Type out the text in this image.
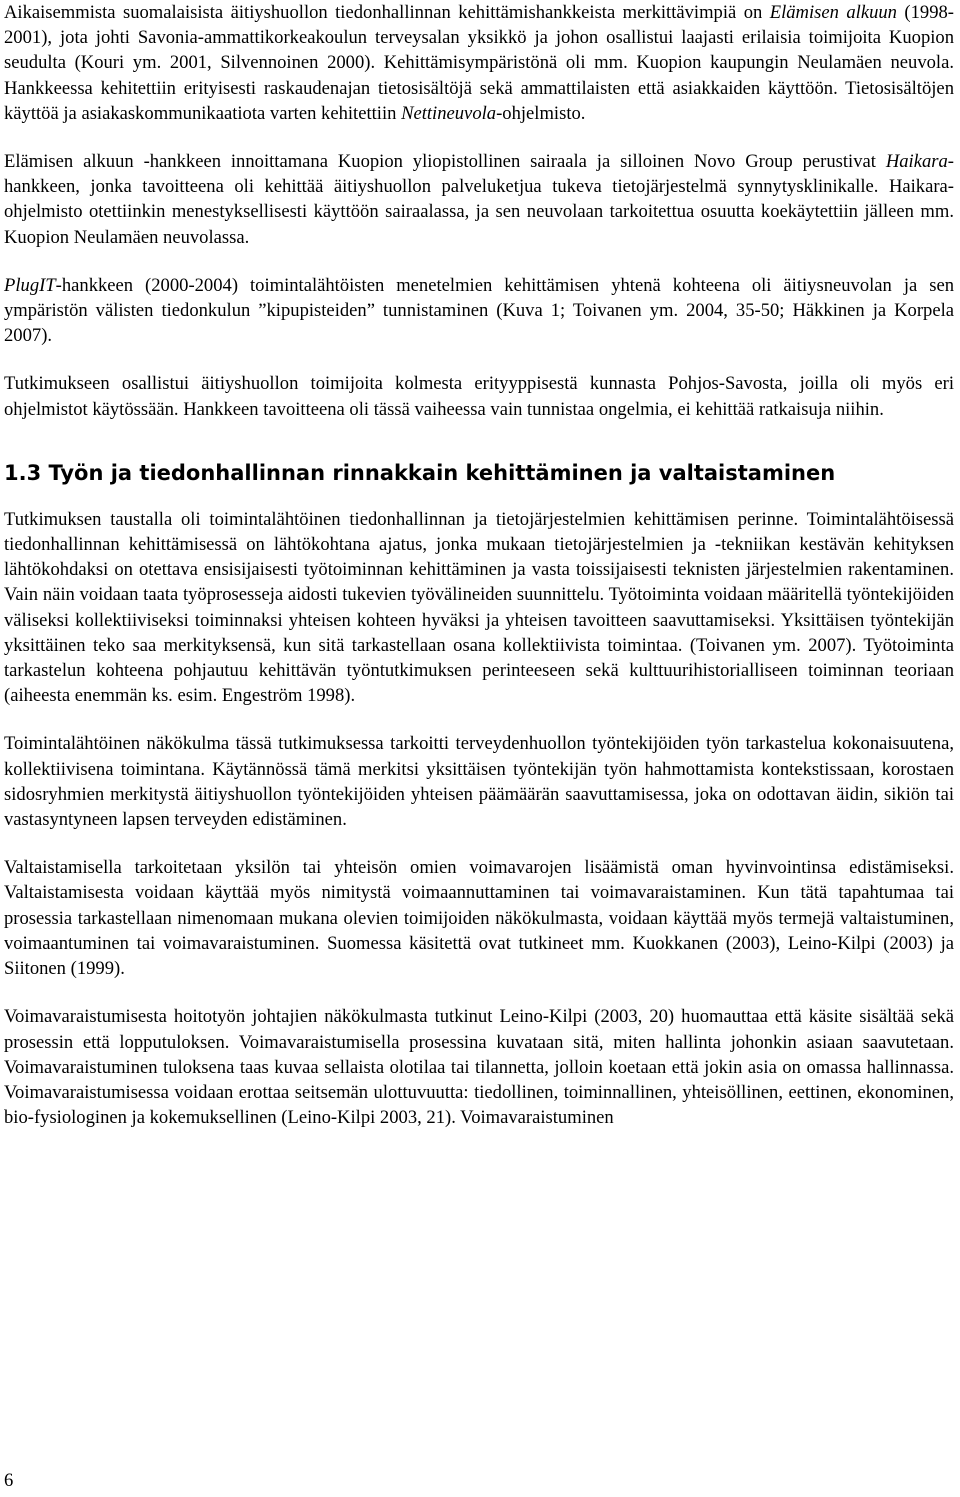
Aikaisemmista suomalaisista äitiyshuollon tiedonhallinnan kehittämishankkeista merkittävimpiä on Elämisen alkuun (1998-2001), jota johti Savonia-ammattikorkeakoulun terveysalan yksikkö ja johon osallistui laajasti erilaisia toimijoita Kuopion seudulta (Kouri ym. 2001, Silvennoinen 2000). Kehittämisympäristönä oli mm. Kuopion kaupungin Neulamäen neuvola. Hankkeessa kehitettiin erityisesti raskaudenajan tietosisältöjä sekä ammattilaisten että asiakkaiden käyttöön. Tietosisältöjen käyttöä ja asiakaskommunikaatiota varten kehitettiin Nettineuvola-ohjelmisto.

Elämisen alkuun -hankkeen innoittamana Kuopion yliopistollinen sairaala ja silloinen Novo Group perustivat Haikara-hankkeen, jonka tavoitteena oli kehittää äitiyshuollon palveluketjua tukeva tietojärjestelmä synnytysklinikalle. Haikara-ohjelmisto otettiinkin menestyksellisesti käyttöön sairaalassa, ja sen neuvolaan tarkoitettua osuutta koekäytettiin jälleen mm. Kuopion Neulamäen neuvolassa.

PlugIT-hankkeen (2000-2004) toimintalähtöisten menetelmien kehittämisen yhtenä kohteena oli äitiysneuvolan ja sen ympäristön välisten tiedonkulun ”kipupisteiden” tunnistaminen (Kuva 1; Toivanen ym. 2004, 35-50; Häkkinen ja Korpela 2007).

Tutkimukseen osallistui äitiyshuollon toimijoita kolmesta erityyppisestä kunnasta Pohjos-Savosta, joilla oli myös eri ohjelmistot käytössään. Hankkeen tavoitteena oli tässä vaiheessa vain tunnistaa ongelmia, ei kehittää ratkaisuja niihin.

1.3 Työn ja tiedonhallinnan rinnakkain kehittäminen ja valtaistaminen

Tutkimuksen taustalla oli toimintalähtöinen tiedonhallinnan ja tietojärjestelmien kehittämisen perinne. Toimintalähtöisessä tiedonhallinnan kehittämisessä on lähtökohtana ajatus, jonka mukaan tietojärjestelmien ja -tekniikan kestävän kehityksen lähtökohdaksi on otettava ensisijaisesti työtoiminnan kehittäminen ja vasta toissijaisesti teknisten järjestelmien rakentaminen. Vain näin voidaan taata työprosesseja aidosti tukevien työvälineiden suunnittelu. Työtoiminta voidaan määritellä työntekijöiden väliseksi kollektiiviseksi toiminnaksi yhteisen kohteen hyväksi ja yhteisen tavoitteen saavuttamiseksi. Yksittäisen työntekijän yksittäinen teko saa merkityksensä, kun sitä tarkastellaan osana kollektiivista toimintaa. (Toivanen ym. 2007). Työtoiminta tarkastelun kohteena pohjautuu kehittävän työntutkimuksen perinteeseen sekä kulttuurihistorialliseen toiminnan teoriaan (aiheesta enemmän ks. esim. Engeström 1998).

Toimintalähtöinen näkökulma tässä tutkimuksessa tarkoitti terveydenhuollon työntekijöiden työn tarkastelua kokonaisuutena, kollektiivisena toimintana. Käytännössä tämä merkitsi yksittäisen työntekijän työn hahmottamista kontekstissaan, korostaen sidosryhmien merkitystä äitiyshuollon työntekijöiden yhteisen päämäärän saavuttamisessa, joka on odottavan äidin, sikiön tai vastasyntyneen lapsen terveyden edistäminen.

Valtaistamisella tarkoitetaan yksilön tai yhteisön omien voimavarojen lisäämistä oman hyvinvointinsa edistämiseksi. Valtaistamisesta voidaan käyttää myös nimitystä voimaannuttaminen tai voimavaraistaminen. Kun tätä tapahtumaa tai prosessia tarkastellaan nimenomaan mukana olevien toimijoiden näkökulmasta, voidaan käyttää myös termejä valtaistuminen, voimaantuminen tai voimavaraistuminen. Suomessa käsitettä ovat tutkineet mm. Kuokkanen (2003), Leino-Kilpi (2003) ja Siitonen (1999).

Voimavaraistumisesta hoitotyön johtajien näkökulmasta tutkinut Leino-Kilpi (2003, 20) huomauttaa että käsite sisältää sekä prosessin että lopputuloksen. Voimavaraistumisella prosessina kuvataan sitä, miten hallinta johonkin asiaan saavutetaan. Voimavaraistuminen tuloksena taas kuvaa sellaista olotilaa tai tilannetta, jolloin koetaan että jokin asia on omassa hallinnassa. Voimavaraistumisessa voidaan erottaa seitsemän ulottuvuutta: tiedollinen, toiminnallinen, yhteisöllinen, eettinen, ekonominen, bio-fysiologinen ja kokemuksellinen (Leino-Kilpi 2003, 21). Voimavaraistuminen

6
